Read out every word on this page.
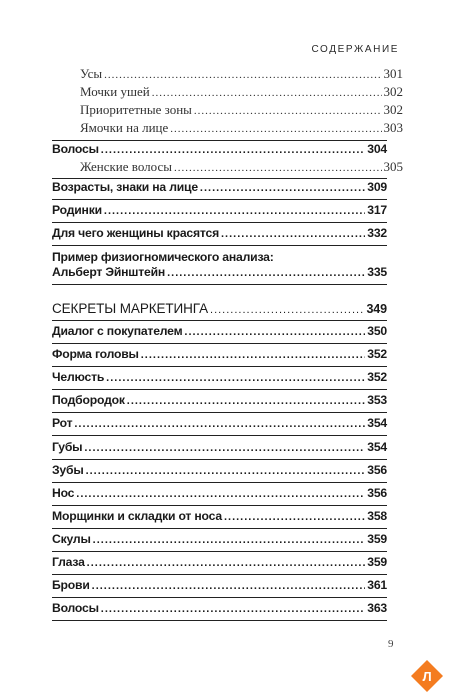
СОДЕРЖАНИЕ
Усы .....	301
Мочки ушей .....	302
Приоритетные зоны .....	302
Ямочки на лице .....	303
Волосы .....	304
Женские волосы .....	305
Возрасты, знаки на лице .....	309
Родинки .....	317
Для чего женщины красятся .....	332
Пример физиогномического анализа:
Альберт Эйнштейн .....	335
СЕКРЕТЫ МАРКЕТИНГА .....	349
Диалог с покупателем .....	350
Форма головы .....	352
Челюсть .....	352
Подбородок .....	353
Рот .....	354
Губы .....	354
Зубы .....	356
Нос .....	356
Морщинки и складки от носа .....	358
Скулы .....	359
Глаза .....	359
Брови .....	361
Волосы .....	363
9
Л
